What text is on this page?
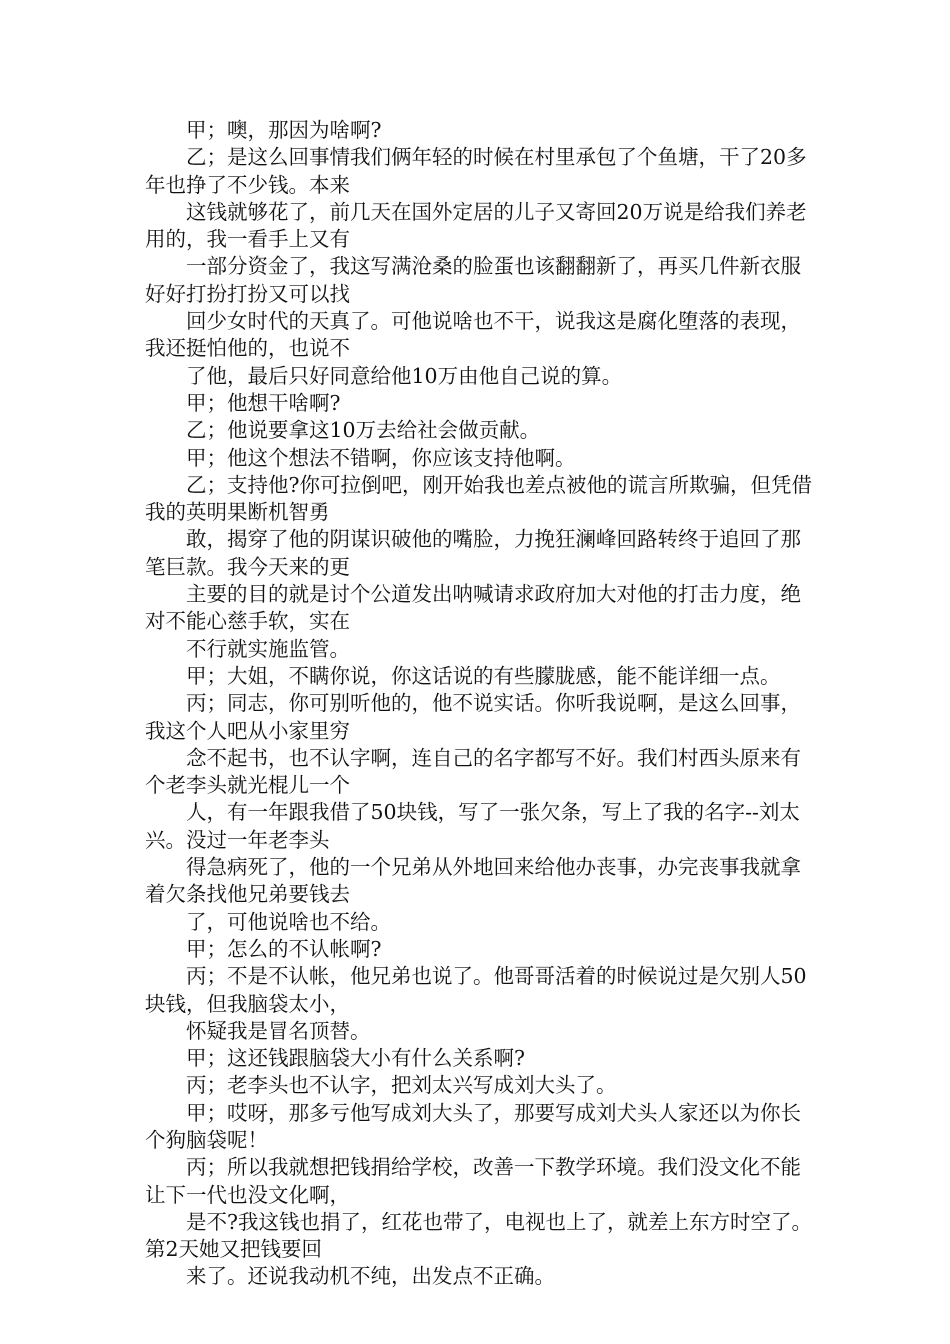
甲；噢，那因为啥啊?

乙；是这么回事情我们俩年轻的时候在村里承包了个鱼塘，干了20多年也挣了不少钱。本来

这钱就够花了，前几天在国外定居的儿子又寄回20万说是给我们养老用的，我一看手上又有

一部分资金了，我这写满沧桑的脸蛋也该翻翻新了，再买几件新衣服好好打扮打扮又可以找

回少女时代的天真了。可他说啥也不干，说我这是腐化堕落的表现，我还挺怕他的，也说不

了他，最后只好同意给他10万由他自己说的算。

甲；他想干啥啊?

乙；他说要拿这10万去给社会做贡献。

甲；他这个想法不错啊，你应该支持他啊。

乙；支持他?你可拉倒吧，刚开始我也差点被他的谎言所欺骗，但凭借我的英明果断机智勇

敢，揭穿了他的阴谋识破他的嘴脸，力挽狂澜峰回路转终于追回了那笔巨款。我今天来的更

主要的目的就是讨个公道发出呐喊请求政府加大对他的打击力度，绝对不能心慈手软，实在

不行就实施监管。

甲；大姐，不瞒你说，你这话说的有些朦胧感，能不能详细一点。

丙；同志，你可别听他的，他不说实话。你听我说啊，是这么回事，我这个人吧从小家里穷

念不起书，也不认字啊，连自己的名字都写不好。我们村西头原来有个老李头就光棍儿一个

人，有一年跟我借了50块钱，写了一张欠条，写上了我的名字--刘太兴。没过一年老李头

得急病死了，他的一个兄弟从外地回来给他办丧事，办完丧事我就拿着欠条找他兄弟要钱去

了，可他说啥也不给。

甲；怎么的不认帐啊?

丙；不是不认帐，他兄弟也说了。他哥哥活着的时候说过是欠别人50块钱，但我脑袋太小，

怀疑我是冒名顶替。

甲；这还钱跟脑袋大小有什么关系啊?

丙；老李头也不认字，把刘太兴写成刘大头了。

甲；哎呀，那多亏他写成刘大头了，那要写成刘犬头人家还以为你长个狗脑袋呢！

丙；所以我就想把钱捐给学校，改善一下教学环境。我们没文化不能让下一代也没文化啊，

是不?我这钱也捐了，红花也带了，电视也上了，就差上东方时空了。第2天她又把钱要回

来了。还说我动机不纯，出发点不正确。
